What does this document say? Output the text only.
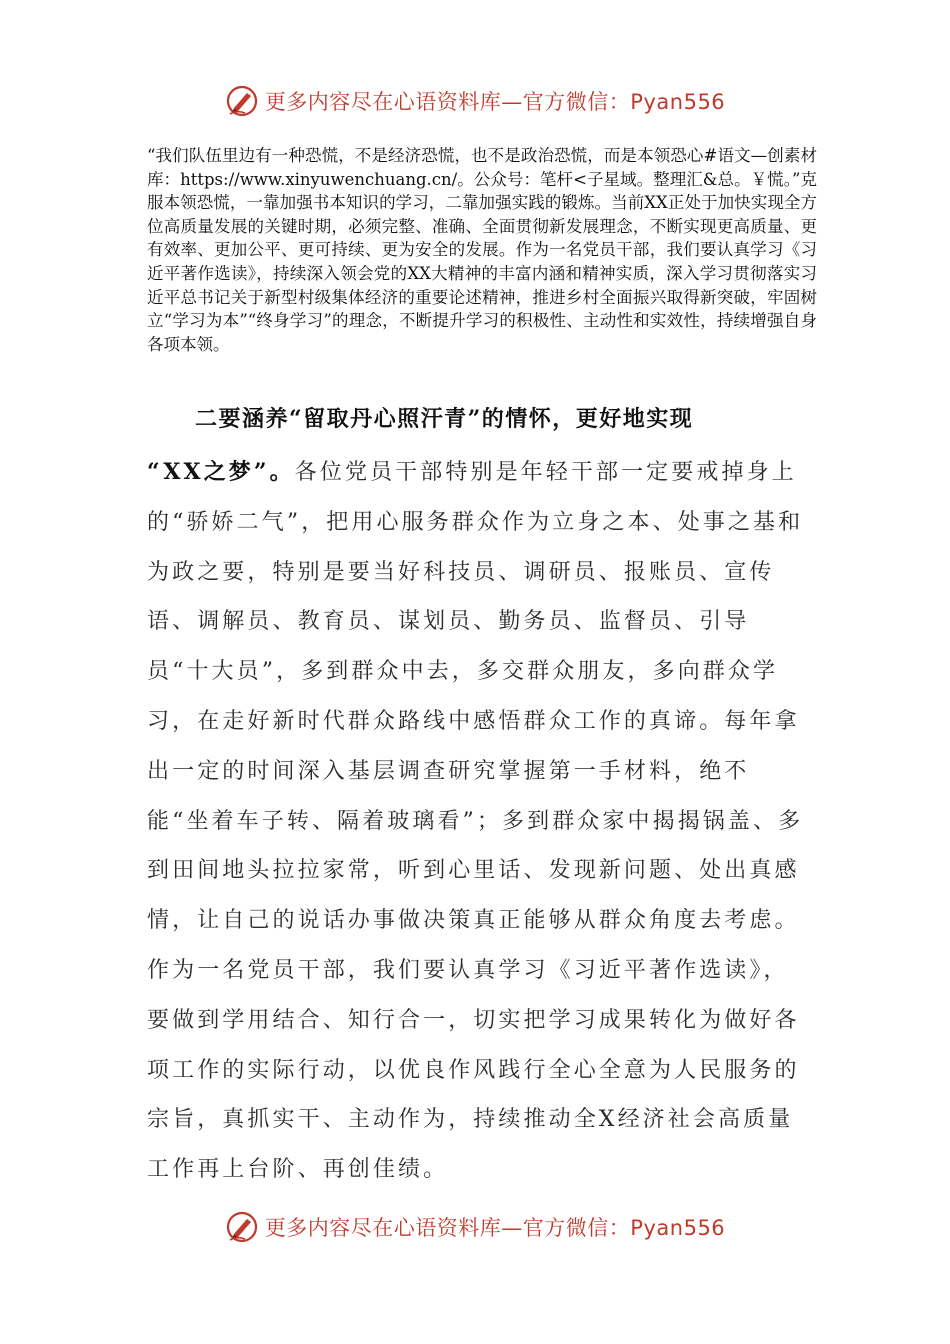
更多内容尽在心语资料库—官方微信：Pyan556

“我们队伍里边有一种恐慌，不是经济恐慌，也不是政治恐慌，而是本领恐心#语文—创素材库：https://www.xinyuwenchuang.cn/。公众号：笔杆<子星域。整理汇&总。￥慌。”克服本领恐慌，一靠加强书本知识的学习，二靠加强实践的锻炼。当前XX正处于加快实现全方位高质量发展的关键时期，必须完整、准确、全面贯彻新发展理念，不断实现更高质量、更有效率、更加公平、更可持续、更为安全的发展。作为一名党员干部，我们要认真学习《习近平著作选读》，持续深入领会党的XX大精神的丰富内涵和精神实质，深入学习贯彻落实习近平总书记关于新型村级集体经济的重要论述精神，推进乡村全面振兴取得新突破，牢固树立“学习为本”“终身学习”的理念，不断提升学习的积极性、主动性和实效性，持续增强自身各项本领。

二要涵养“留取丹心照汗青”的情怀，更好地实现

“XX之梦”。各位党员干部特别是年轻干部一定要戒掉身上的“骄娇二气”，把用心服务群众作为立身之本、处事之基和为政之要，特别是要当好科技员、调研员、报账员、宣传语、调解员、教育员、谋划员、勤务员、监督员、引导员“十大员”，多到群众中去，多交群众朋友，多向群众学习，在走好新时代群众路线中感悟群众工作的真谛。每年拿出一定的时间深入基层调查研究掌握第一手材料，绝不能“坐着车子转、隔着玻璃看”；多到群众家中揭揭锅盖、多到田间地头拉拉家常，听到心里话、发现新问题、处出真感情，让自己的说话办事做决策真正能够从群众角度去考虑。作为一名党员干部，我们要认真学习《习近平著作选读》，要做到学用结合、知行合一，切实把学习成果转化为做好各项工作的实际行动，以优良作风践行全心全意为人民服务的宗旨，真抓实干、主动作为，持续推动全X经济社会高质量工作再上台阶、再创佳绩。

更多内容尽在心语资料库—官方微信：Pyan556
